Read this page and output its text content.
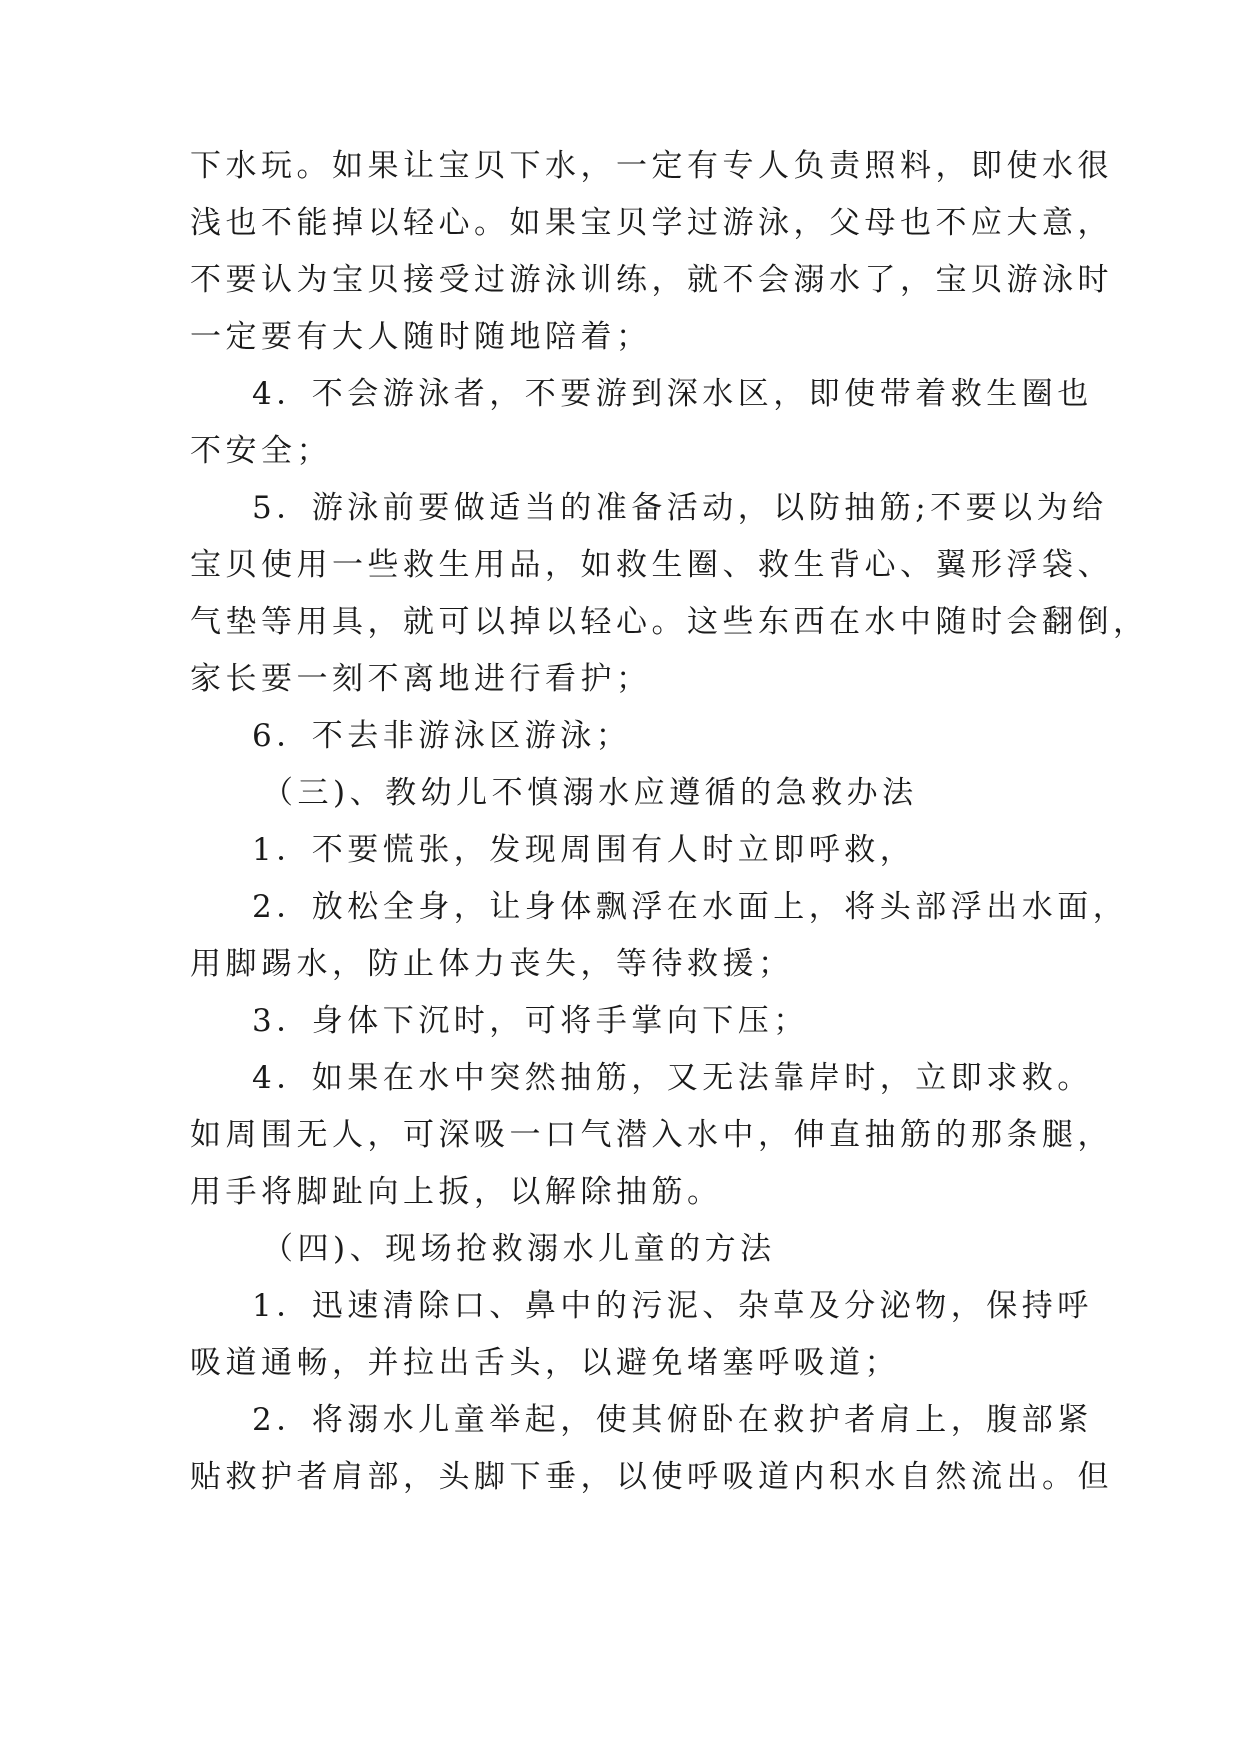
下水玩。如果让宝贝下水，一定有专人负责照料，即使水很
浅也不能掉以轻心。如果宝贝学过游泳，父母也不应大意，
不要认为宝贝接受过游泳训练，就不会溺水了，宝贝游泳时
一定要有大人随时随地陪着；
4．不会游泳者，不要游到深水区，即使带着救生圈也
不安全；
5．游泳前要做适当的准备活动，以防抽筋;不要以为给
宝贝使用一些救生用品，如救生圈、救生背心、翼形浮袋、
气垫等用具，就可以掉以轻心。这些东西在水中随时会翻倒，
家长要一刻不离地进行看护；
6．不去非游泳区游泳；
（三)、教幼儿不慎溺水应遵循的急救办法
1．不要慌张，发现周围有人时立即呼救，
2．放松全身，让身体飘浮在水面上，将头部浮出水面，
用脚踢水，防止体力丧失，等待救援；
3．身体下沉时，可将手掌向下压；
4．如果在水中突然抽筋，又无法靠岸时，立即求救。
如周围无人，可深吸一口气潜入水中，伸直抽筋的那条腿，
用手将脚趾向上扳，以解除抽筋。
（四)、现场抢救溺水儿童的方法
1．迅速清除口、鼻中的污泥、杂草及分泌物，保持呼
吸道通畅，并拉出舌头，以避免堵塞呼吸道；
2．将溺水儿童举起，使其俯卧在救护者肩上，腹部紧
贴救护者肩部，头脚下垂，以使呼吸道内积水自然流出。但
